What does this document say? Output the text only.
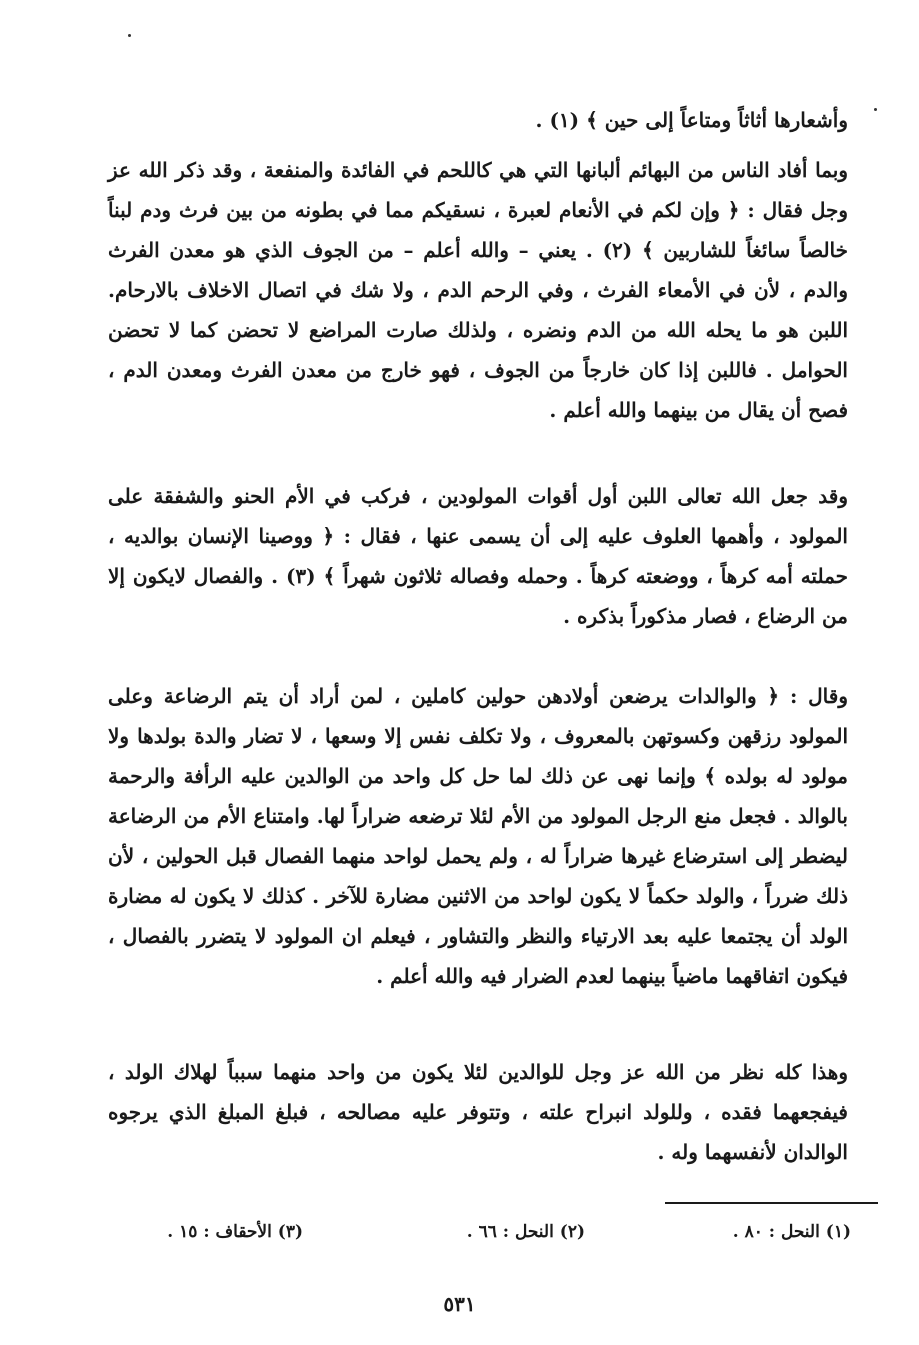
وأشعارها أثاثاً ومتاعاً إلى حين ﴾ (١) .

وبما أفاد الناس من البهائم ألبانها التي هي كاللحم في الفائدة والمنفعة ، وقد ذكر الله عز وجل فقال : ﴿ وإن لكم في الأنعام لعبرة ، نسقيكم مما في بطونه من بين فرث ودم لبناً خالصاً سائغاً للشاربين ﴾ (٢) . يعني – والله أعلم – من الجوف الذي هو معدن الفرث والدم ، لأن في الأمعاء الفرث ، وفي الرحم الدم ، ولا شك في اتصال الاخلاف بالارحام. اللبن هو ما يحله الله من الدم ونضره ، ولذلك صارت المراضع لا تحضن كما لا تحضن الحوامل . فاللبن إذا كان خارجاً من الجوف ، فهو خارج من معدن الفرث ومعدن الدم ، فصح أن يقال من بينهما والله أعلم .

وقد جعل الله تعالى اللبن أول أقوات المولودين ، فركب في الأم الحنو والشفقة على المولود ، وأهمها العلوف عليه إلى أن يسمى عنها ، فقال : ﴿ ووصينا الإنسان بوالديه ، حملته أمه كرهاً ، ووضعته كرهاً . وحمله وفصاله ثلاثون شهراً ﴾ (٣) . والفصال لايكون إلا من الرضاع ، فصار مذكوراً بذكره .

وقال : ﴿ والوالدات يرضعن أولادهن حولين كاملين ، لمن أراد أن يتم الرضاعة وعلى المولود رزقهن وكسوتهن بالمعروف ، ولا تكلف نفس إلا وسعها ، لا تضار والدة بولدها ولا مولود له بولده ﴾ وإنما نهى عن ذلك لما حل كل واحد من الوالدين عليه الرأفة والرحمة بالوالد . فجعل منع الرجل المولود من الأم لئلا ترضعه ضراراً لها. وامتناع الأم من الرضاعة ليضطر إلى استرضاع غيرها ضراراً له ، ولم يحمل لواحد منهما الفصال قبل الحولين ، لأن ذلك ضرراً ، والولد حكماً لا يكون لواحد من الاثنين مضارة للآخر . كذلك لا يكون له مضارة الولد أن يجتمعا عليه بعد الارتياء والنظر والتشاور ، فيعلم ان المولود لا يتضرر بالفصال ، فيكون اتفاقهما ماضياً بينهما لعدم الضرار فيه والله أعلم .

وهذا كله نظر من الله عز وجل للوالدين لئلا يكون من واحد منهما سبباً لهلاك الولد ، فيفجعهما فقده ، وللولد انبراح علته ، وتتوفر عليه مصالحه ، فبلغ المبلغ الذي يرجوه الوالدان لأنفسهما وله .

(١) النحل : ٨٠ .
(٢) النحل : ٦٦ .
(٣) الأحقاف : ١٥ .
٥٣١
